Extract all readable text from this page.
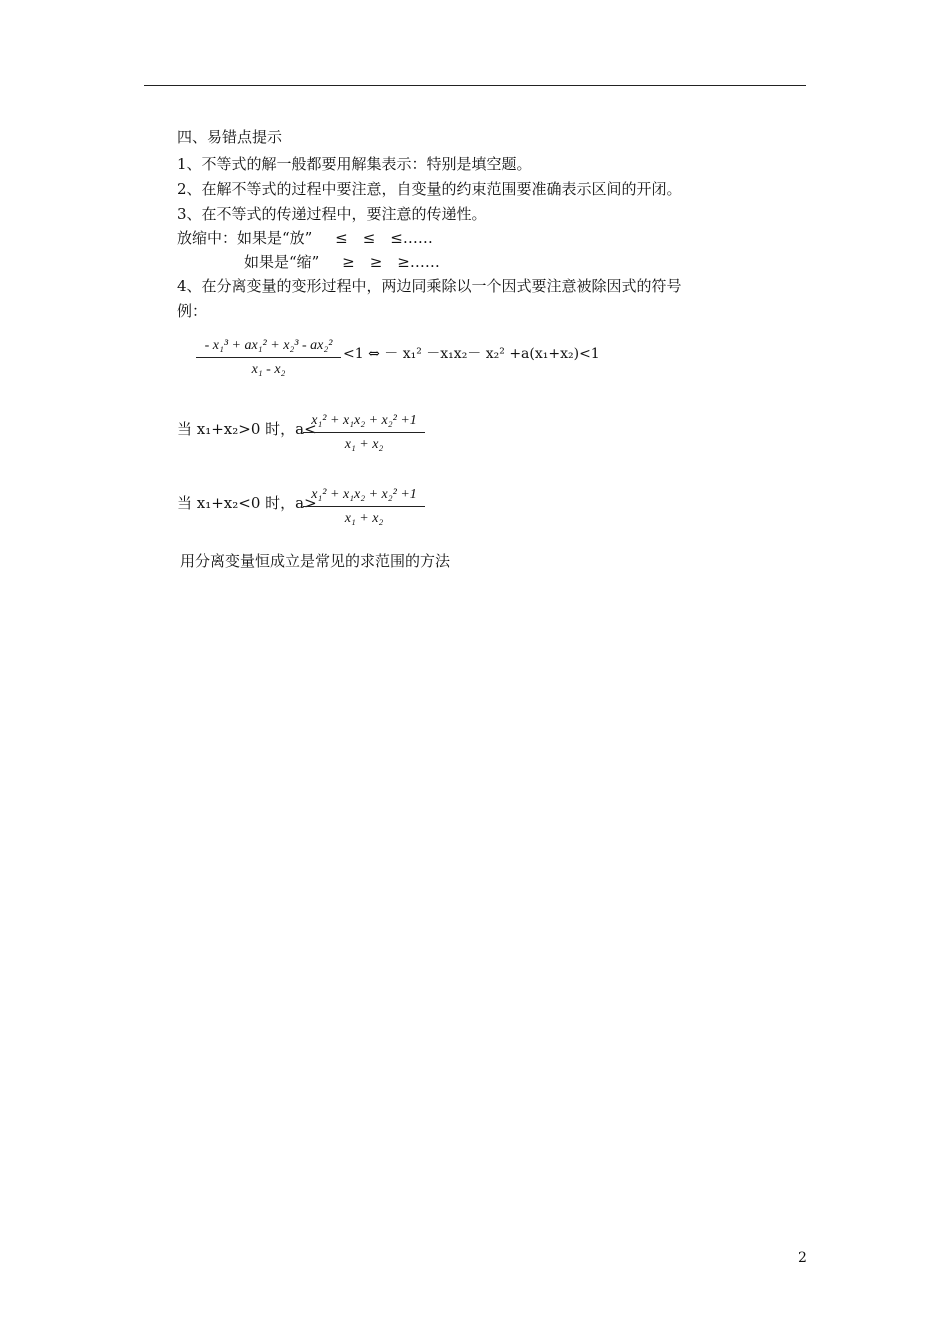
四、易错点提示
1、不等式的解一般都要用解集表示：特别是填空题。
2、在解不等式的过程中要注意，自变量的约束范围要准确表示区间的开闭。
3、在不等式的传递过程中，要注意的传递性。
放缩中：如果是“放” ≤　≤　≤……
如果是“缩” ≥　≥　≥……
4、在分离变量的变形过程中，两边同乘除以一个因式要注意被除因式的符号
例：
$\frac{\text{- x₁³ + ax₁² + x₂³ - ax₂²}}{\text{x₁ - x₂}} <1$ ⇔ － x₁² －x₁x₂－ x₂² +a(x₁+x₂)<1
当 x₁+x₂>0 时，a<
$\frac{\text{x₁² + x₁x₂ + x₂² +1}}{\text{x₁ + x₂}}$
当 x₁+x₂<0 时，a>
$\frac{\text{x₁² + x₁x₂ + x₂² +1}}{\text{x₁ + x₂}}$
用分离变量恒成立是常见的求范围的方法
2
